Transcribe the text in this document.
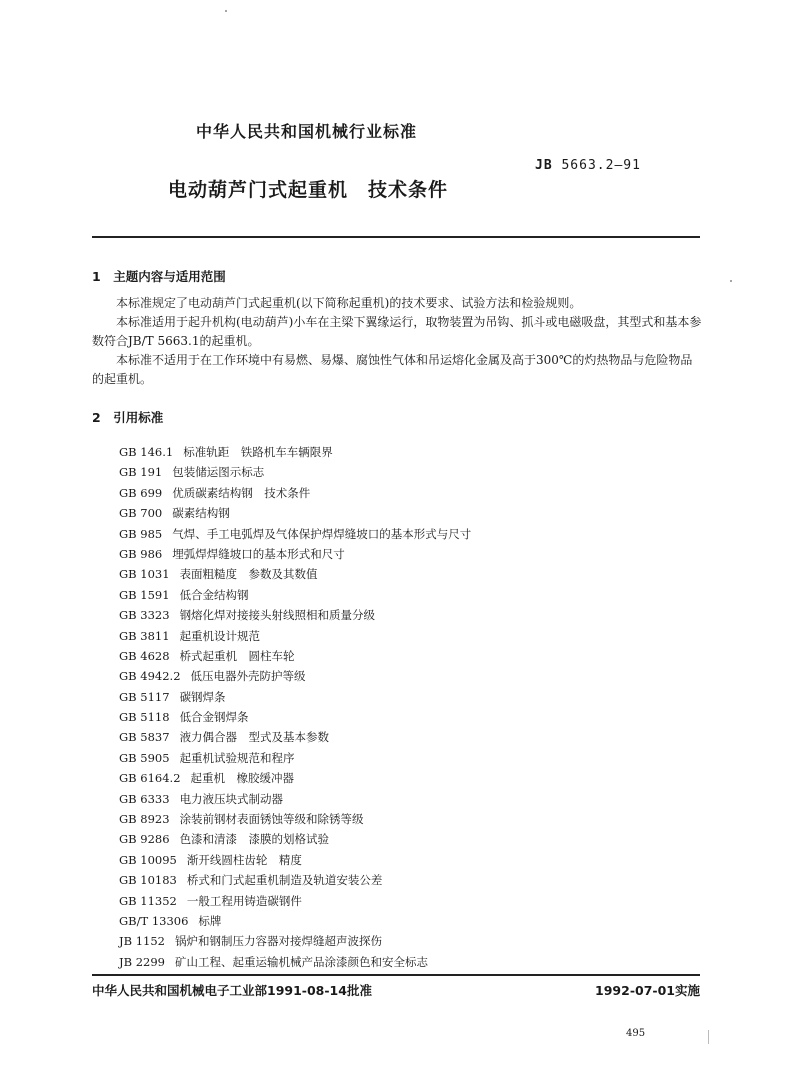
中华人民共和国机械行业标准
JB 5663.2—91
电动葫芦门式起重机　技术条件
1　主题内容与适用范围

本标准规定了电动葫芦门式起重机(以下简称起重机)的技术要求、试验方法和检验规则。

本标准适用于起升机构(电动葫芦)小车在主梁下翼缘运行，取物装置为吊钩、抓斗或电磁吸盘，其型式和基本参数符合JB/T 5663.1的起重机。

本标准不适用于在工作环境中有易燃、易爆、腐蚀性气体和吊运熔化金属及高于300℃的灼热物品与危险物品的起重机。

2　引用标准
GB 146.1 标准轨距　铁路机车车辆限界
GB 191 包装储运图示标志
GB 699 优质碳素结构钢　技术条件
GB 700 碳素结构钢
GB 985 气焊、手工电弧焊及气体保护焊焊缝坡口的基本形式与尺寸
GB 986 埋弧焊焊缝坡口的基本形式和尺寸
GB 1031 表面粗糙度　参数及其数值
GB 1591 低合金结构钢
GB 3323 钢熔化焊对接接头射线照相和质量分级
GB 3811 起重机设计规范
GB 4628 桥式起重机　圆柱车轮
GB 4942.2 低压电器外壳防护等级
GB 5117 碳钢焊条
GB 5118 低合金钢焊条
GB 5837 液力偶合器　型式及基本参数
GB 5905 起重机试验规范和程序
GB 6164.2 起重机　橡胶缓冲器
GB 6333 电力液压块式制动器
GB 8923 涂装前钢材表面锈蚀等级和除锈等级
GB 9286 色漆和清漆　漆膜的划格试验
GB 10095 渐开线圆柱齿轮　精度
GB 10183 桥式和门式起重机制造及轨道安装公差
GB 11352 一般工程用铸造碳钢件
GB/T 13306 标牌
JB 1152 锅炉和钢制压力容器对接焊缝超声波探伤
JB 2299 矿山工程、起重运输机械产品涂漆颜色和安全标志
中华人民共和国机械电子工业部1991-08-14批准	1992-07-01实施
495
